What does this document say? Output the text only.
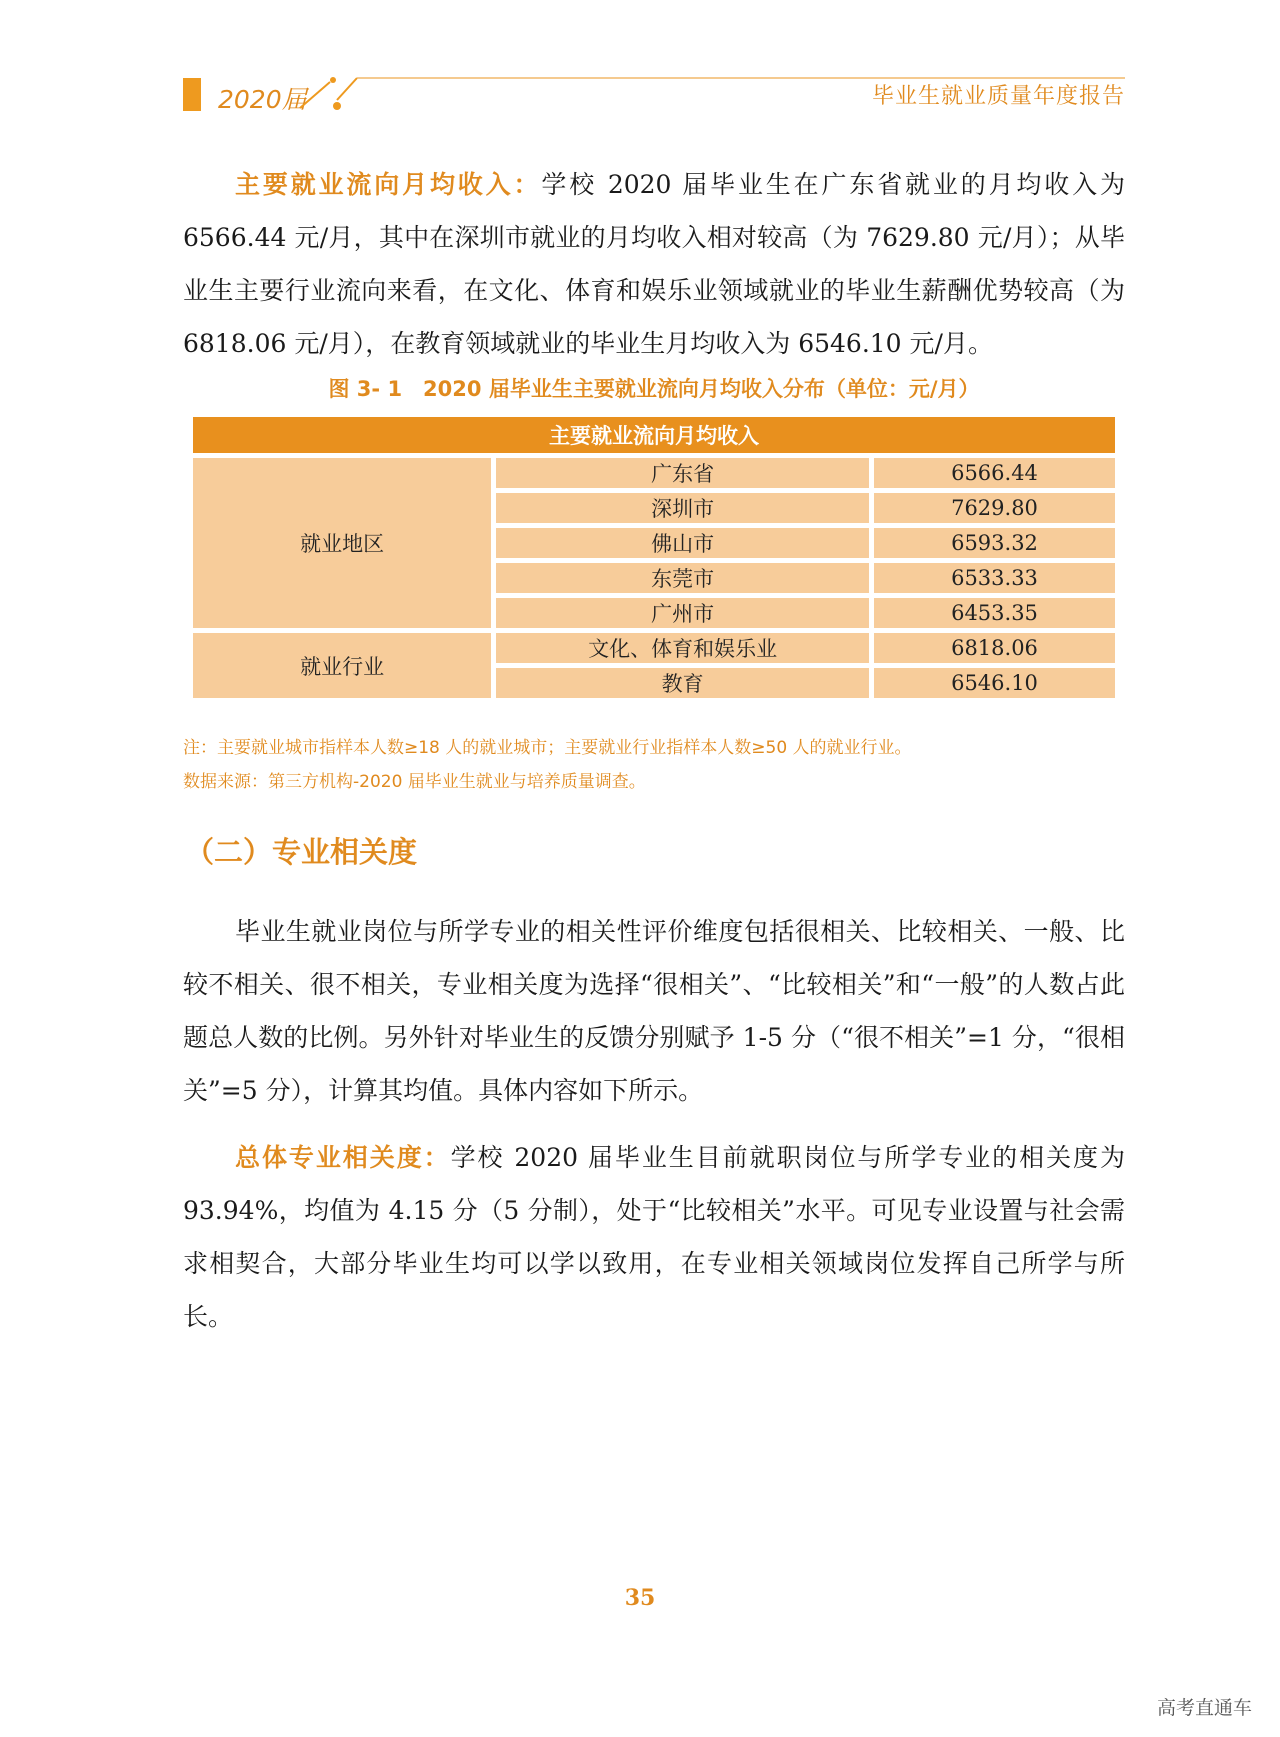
2020届	毕业生就业质量年度报告

主要就业流向月均收入：学校 2020 届毕业生在广东省就业的月均收入为 6566.44 元/月，其中在深圳市就业的月均收入相对较高（为 7629.80 元/月）；从毕业生主要行业流向来看，在文化、体育和娱乐业领域就业的毕业生薪酬优势较高（为 6818.06 元/月），在教育领域就业的毕业生月均收入为 6546.10 元/月。

图 3- 1　2020 届毕业生主要就业流向月均收入分布（单位：元/月）
主要就业流向月均收入		
就业地区	广东省	6566.44
	深圳市	7629.80
	佛山市	6593.32
	东莞市	6533.33
	广州市	6453.35
就业行业	文化、体育和娱乐业	6818.06
	教育	6546.10
注：主要就业城市指样本人数≥18 人的就业城市；主要就业行业指样本人数≥50 人的就业行业。
数据来源：第三方机构-2020 届毕业生就业与培养质量调查。
（二）专业相关度

毕业生就业岗位与所学专业的相关性评价维度包括很相关、比较相关、一般、比较不相关、很不相关，专业相关度为选择“很相关”、“比较相关”和“一般”的人数占此题总人数的比例。另外针对毕业生的反馈分别赋予 1-5 分（“很不相关”=1 分，“很相关”=5 分），计算其均值。具体内容如下所示。

总体专业相关度：学校 2020 届毕业生目前就职岗位与所学专业的相关度为 93.94%，均值为 4.15 分（5 分制），处于“比较相关”水平。可见专业设置与社会需求相契合，大部分毕业生均可以学以致用，在专业相关领域岗位发挥自己所学与所长。

35
高考直通车
